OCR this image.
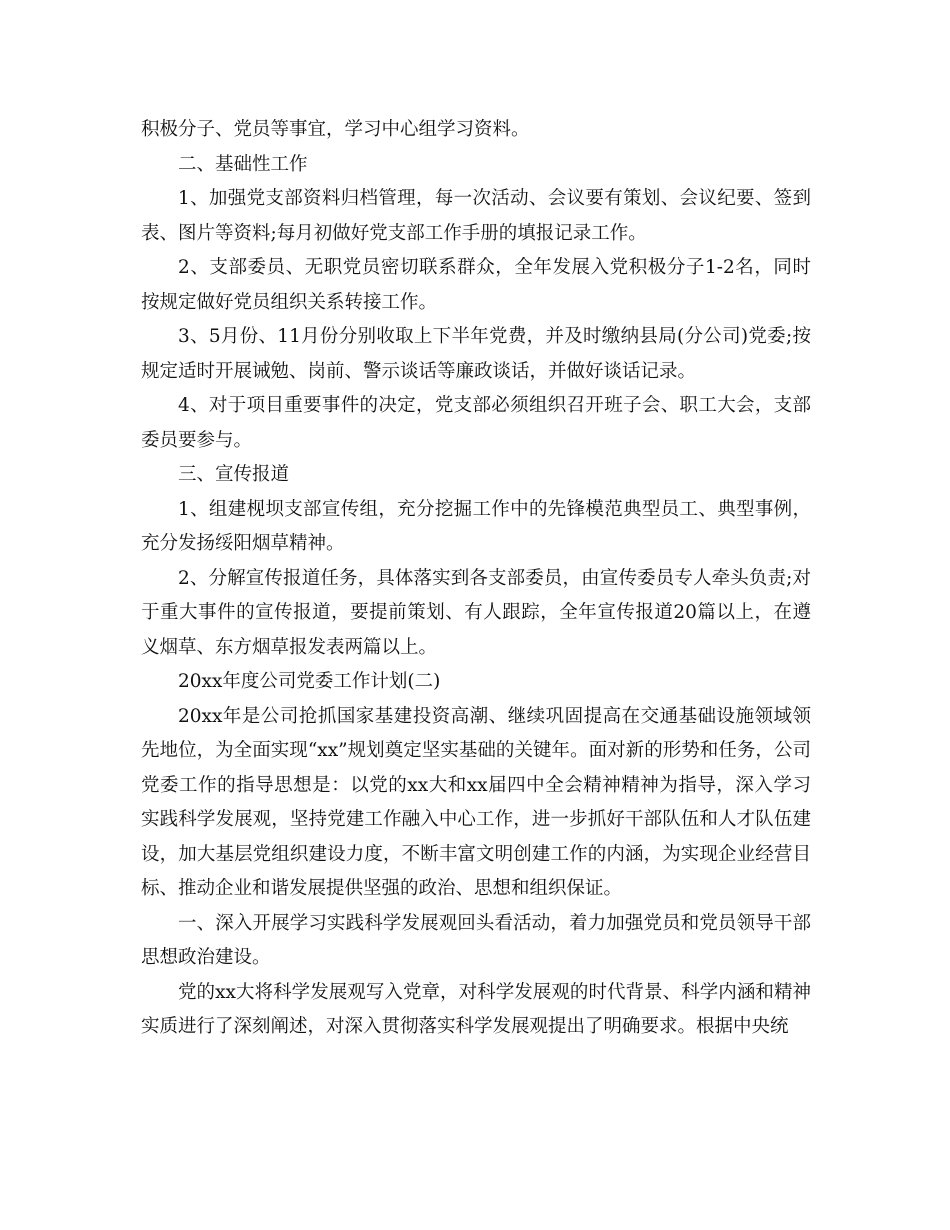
积极分子、党员等事宜，学习中心组学习资料。

二、基础性工作

1、加强党支部资料归档管理，每一次活动、会议要有策划、会议纪要、签到表、图片等资料;每月初做好党支部工作手册的填报记录工作。

2、支部委员、无职党员密切联系群众，全年发展入党积极分子1-2名，同时按规定做好党员组织关系转接工作。

3、5月份、11月份分别收取上下半年党费，并及时缴纳县局(分公司)党委;按规定适时开展诫勉、岗前、警示谈话等廉政谈话，并做好谈话记录。

4、对于项目重要事件的决定，党支部必须组织召开班子会、职工大会，支部委员要参与。

三、宣传报道

1、组建枧坝支部宣传组，充分挖掘工作中的先锋模范典型员工、典型事例，充分发扬绥阳烟草精神。

2、分解宣传报道任务，具体落实到各支部委员，由宣传委员专人牵头负责;对于重大事件的宣传报道，要提前策划、有人跟踪，全年宣传报道20篇以上，在遵义烟草、东方烟草报发表两篇以上。

20xx年度公司党委工作计划(二)

20xx年是公司抢抓国家基建投资高潮、继续巩固提高在交通基础设施领域领先地位，为全面实现“xx”规划奠定坚实基础的关键年。面对新的形势和任务，公司党委工作的指导思想是：以党的xx大和xx届四中全会精神精神为指导，深入学习实践科学发展观，坚持党建工作融入中心工作，进一步抓好干部队伍和人才队伍建设，加大基层党组织建设力度，不断丰富文明创建工作的内涵，为实现企业经营目标、推动企业和谐发展提供坚强的政治、思想和组织保证。

一、深入开展学习实践科学发展观回头看活动，着力加强党员和党员领导干部思想政治建设。

党的xx大将科学发展观写入党章，对科学发展观的时代背景、科学内涵和精神实质进行了深刻阐述，对深入贯彻落实科学发展观提出了明确要求。根据中央统
